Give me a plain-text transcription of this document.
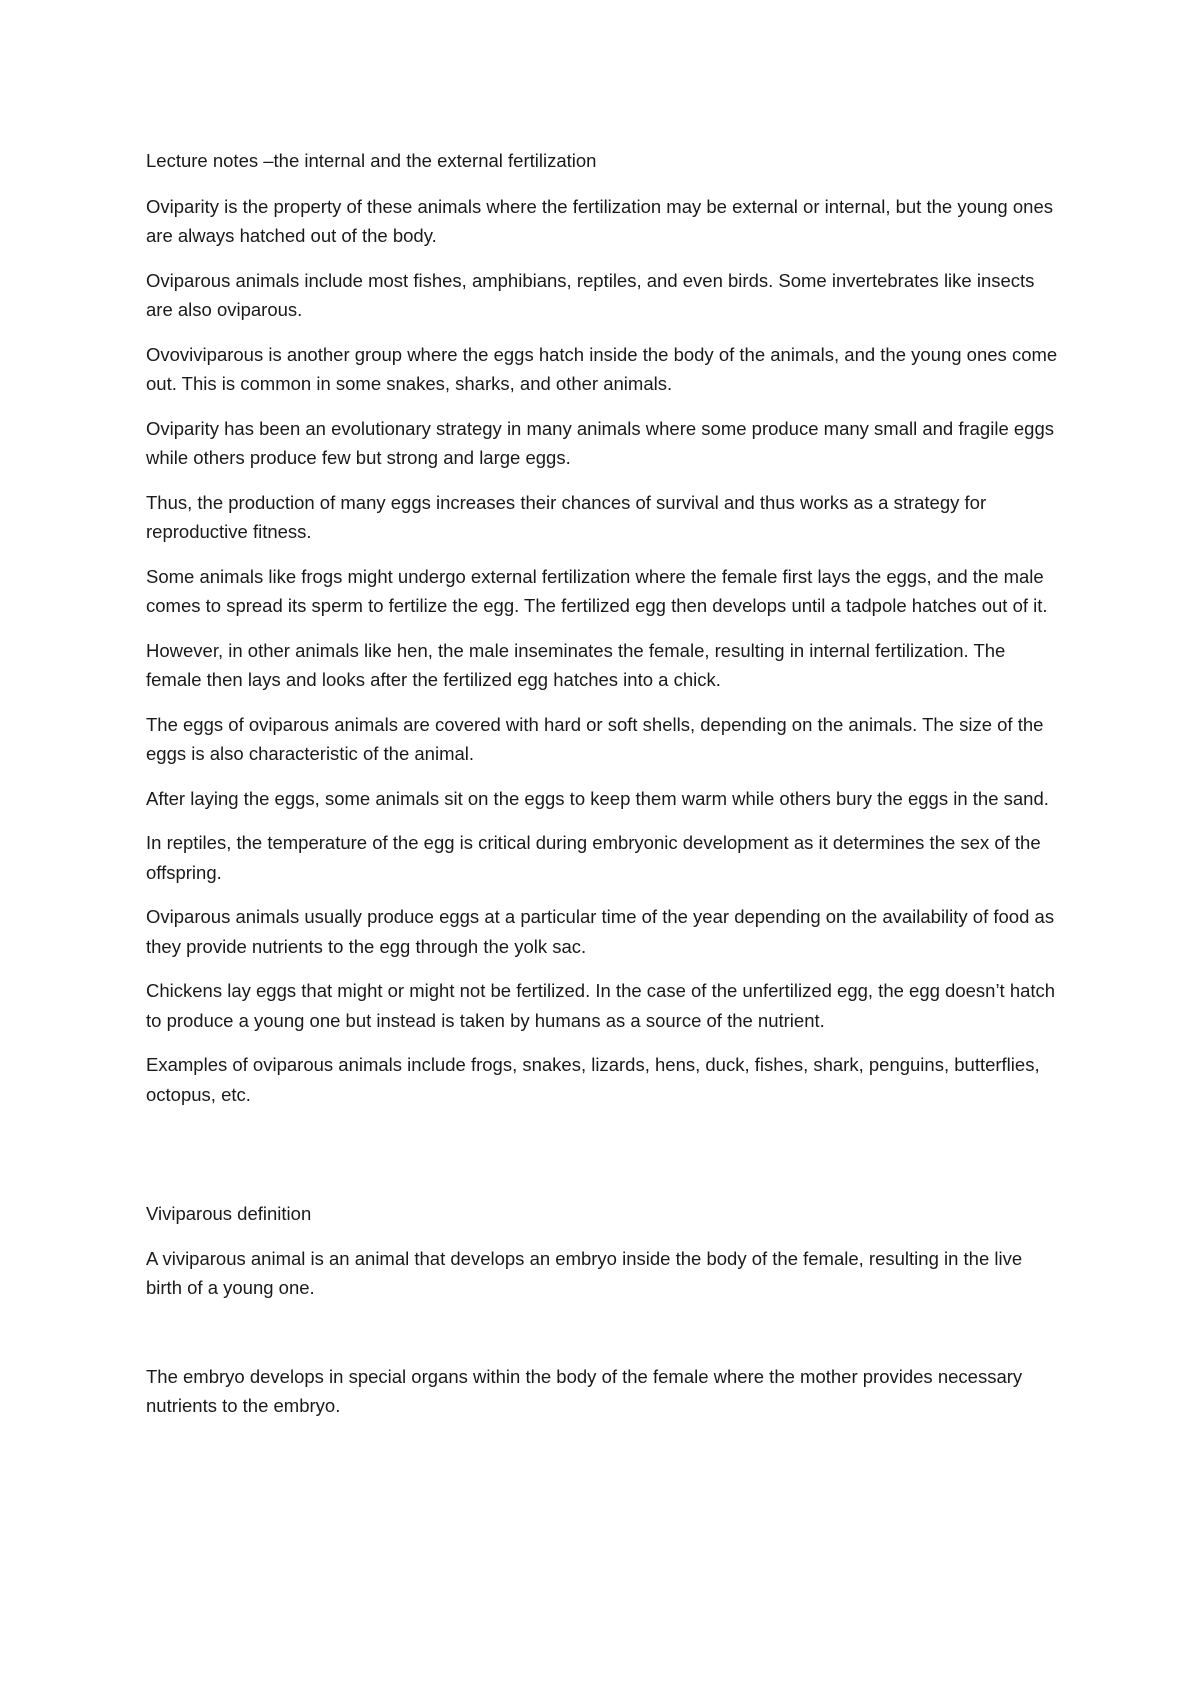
Lecture notes –the internal and the external fertilization

Oviparity is the property of these animals where the fertilization may be external or internal, but the young ones are always hatched out of the body.

Oviparous animals include most fishes, amphibians, reptiles, and even birds. Some invertebrates like insects are also oviparous.

Ovoviviparous is another group where the eggs hatch inside the body of the animals, and the young ones come out. This is common in some snakes, sharks, and other animals.

Oviparity has been an evolutionary strategy in many animals where some produce many small and fragile eggs while others produce few but strong and large eggs.

Thus, the production of many eggs increases their chances of survival and thus works as a strategy for reproductive fitness.

Some animals like frogs might undergo external fertilization where the female first lays the eggs, and the male comes to spread its sperm to fertilize the egg. The fertilized egg then develops until a tadpole hatches out of it.

However, in other animals like hen, the male inseminates the female, resulting in internal fertilization. The female then lays and looks after the fertilized egg hatches into a chick.

The eggs of oviparous animals are covered with hard or soft shells, depending on the animals. The size of the eggs is also characteristic of the animal.

After laying the eggs, some animals sit on the eggs to keep them warm while others bury the eggs in the sand.

In reptiles, the temperature of the egg is critical during embryonic development as it determines the sex of the offspring.

Oviparous animals usually produce eggs at a particular time of the year depending on the availability of food as they provide nutrients to the egg through the yolk sac.

Chickens lay eggs that might or might not be fertilized. In the case of the unfertilized egg, the egg doesn’t hatch to produce a young one but instead is taken by humans as a source of the nutrient.

Examples of oviparous animals include frogs, snakes, lizards, hens, duck, fishes, shark, penguins, butterflies, octopus, etc.

Viviparous definition

A viviparous animal is an animal that develops an embryo inside the body of the female, resulting in the live birth of a young one.

The embryo develops in special organs within the body of the female where the mother provides necessary nutrients to the embryo.
